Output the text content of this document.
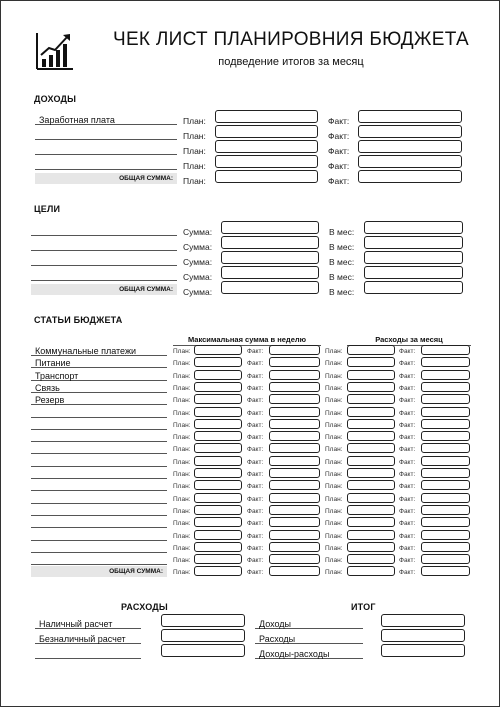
ЧЕК ЛИСТ ПЛАНИРОВНИЯ БЮДЖЕТА
подведение итогов за месяц
ДОХОДЫ
Заработная плата	План:	Факт:
План:	Факт:
План:	Факт:
План:	Факт:
ОБЩАЯ СУММА:	План:	Факт:
ЦЕЛИ
Сумма:	В мес:
Сумма:	В мес:
Сумма:	В мес:
Сумма:	В мес:
ОБЩАЯ СУММА:	Сумма:	В мес:
СТАТЬИ БЮДЖЕТА
Максимальная сумма в неделю	Расходы за месяц
Коммунальные платежи	План:	Факт:	План:	Факт:
Питание	План:	Факт:	План:	Факт:
Транспорт	План:	Факт:	План:	Факт:
Связь	План:	Факт:	План:	Факт:
Резерв	План:	Факт:	План:	Факт:
План:	Факт:	План:	Факт:
План:	Факт:	План:	Факт:
План:	Факт:	План:	Факт:
План:	Факт:	План:	Факт:
План:	Факт:	План:	Факт:
План:	Факт:	План:	Факт:
План:	Факт:	План:	Факт:
План:	Факт:	План:	Факт:
План:	Факт:	План:	Факт:
План:	Факт:	План:	Факт:
План:	Факт:	План:	Факт:
План:	Факт:	План:	Факт:
План:	Факт:	План:	Факт:
ОБЩАЯ СУММА:	План:	Факт:	План:	Факт:
РАСХОДЫ
Наличный расчет
Безналичный расчет
ИТОГ
Доходы
Расходы
Доходы-расходы
